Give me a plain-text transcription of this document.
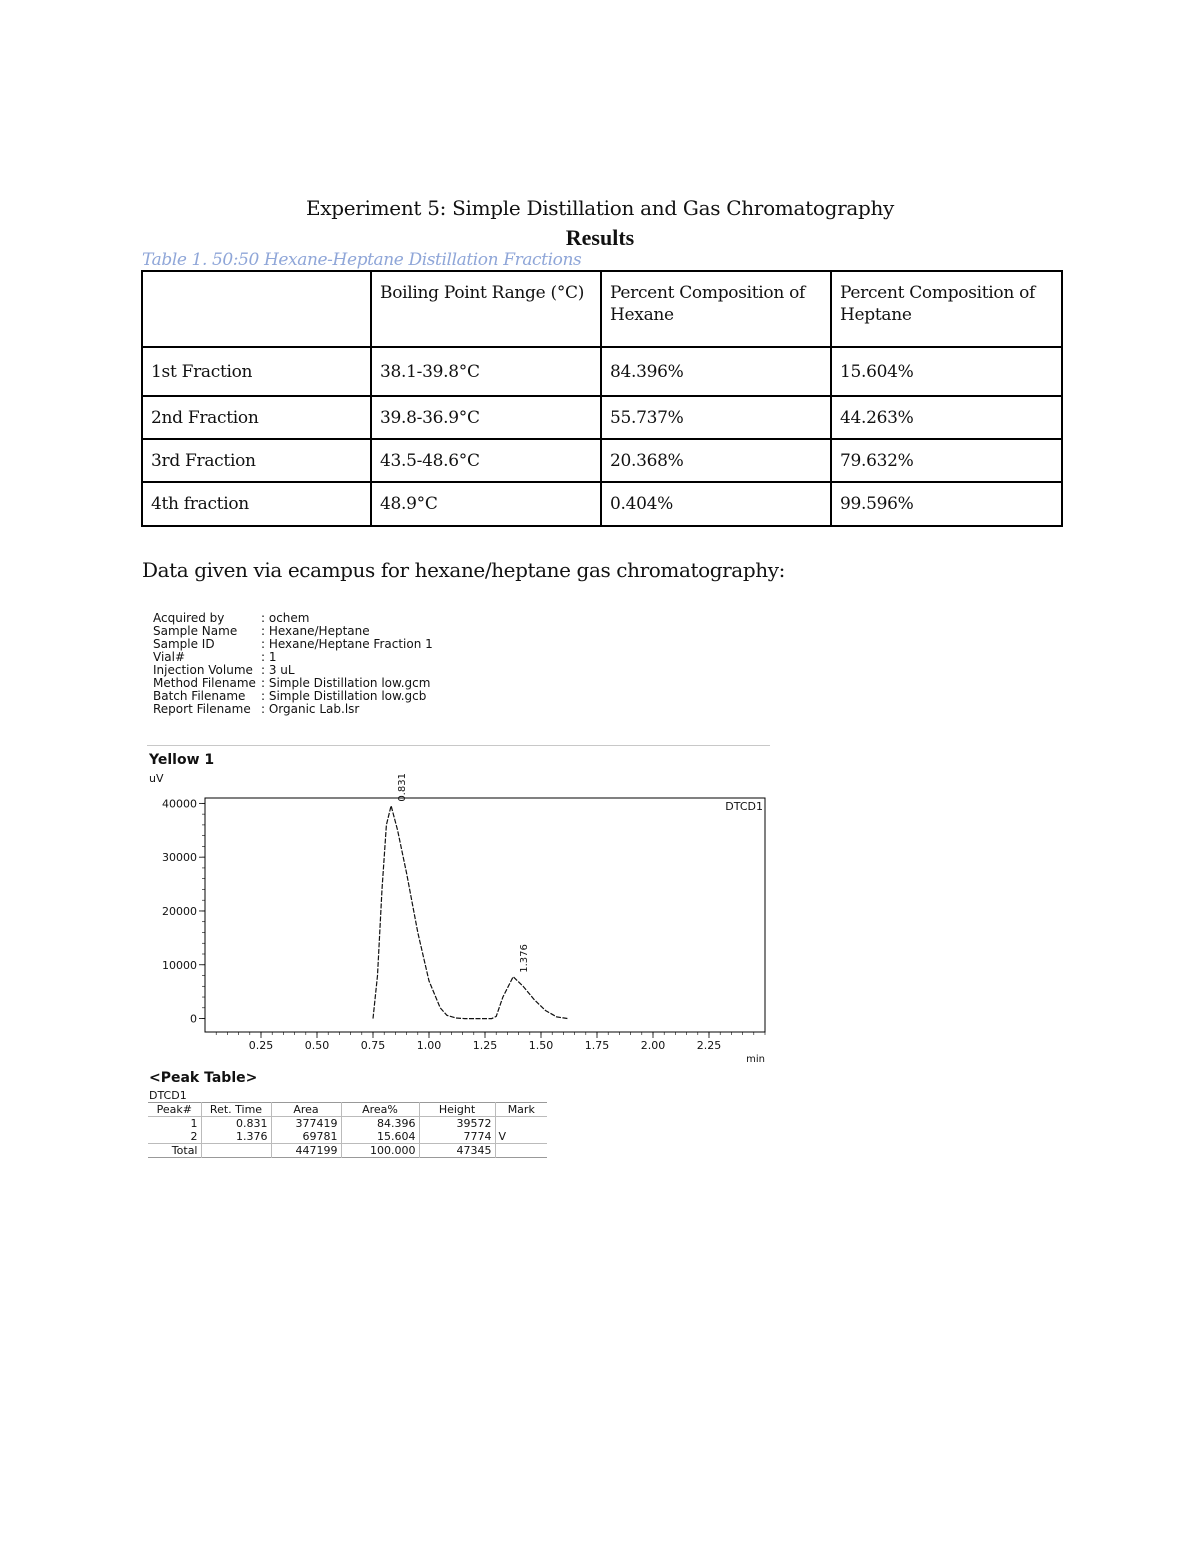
Experiment 5: Simple Distillation and Gas Chromatography
Results
Table 1. 50:50 Hexane-Heptane Distillation Fractions
	Boiling Point Range (°C)	Percent Composition of Hexane	Percent Composition of Heptane
1st Fraction	38.1-39.8°C	84.396%	15.604%
2nd Fraction	39.8-36.9°C	55.737%	44.263%
3rd Fraction	43.5-48.6°C	20.368%	79.632%
4th fraction	48.9°C	0.404%	99.596%
Data given via ecampus for hexane/heptane gas chromatography:
Acquired by	: ochem
Sample Name	: Hexane/Heptane
Sample ID	: Hexane/Heptane Fraction 1
Vial#	: 1
Injection Volume : 3 uL
Method Filename : Simple Distillation low.gcm
Batch Filename	: Simple Distillation low.gcb
Report Filename : Organic Lab.lsr
Yellow 1
uV
0.25	0.50	0.75	1.00	1.25	1.50	1.75	2.00	2.25
0
10000
20000
30000
40000
min
DTCD1
0.831
1.376
<Peak Table>
DTCD1
Peak#	Ret. Time	Area	Area%	Height	Mark
1	0.831	377419	84.396	39572	
2	1.376	69781	15.604	7774	V
Total		447199	100.000	47345	
